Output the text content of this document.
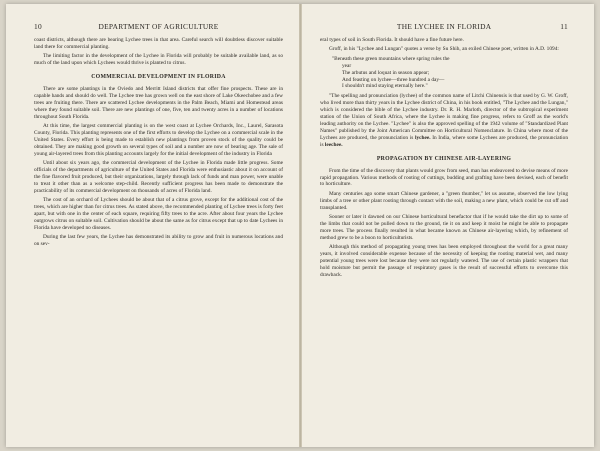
10	DEPARTMENT OF AGRICULTURE

coast districts, although there are bearing Lychee trees in that area. Careful search will doubtless discover suitable land there for commercial planting.

The limiting factor in the development of the Lychee in Florida will probably be suitable available land, as so much of the land upon which Lychees would thrive is planted to citrus.

COMMERCIAL DEVELOPMENT IN FLORIDA

There are some plantings in the Oviedo and Merritt Island districts that offer fine prospects. These are in capable hands and should do well. The Lychee tree has grown well on the east shore of Lake Okeechobee and a few trees are fruiting there. There are scattered Lychee developments in the Palm Beach, Miami and Homestead areas where they found suitable soil. There are new plantings of one, five, ten and twenty acres in a number of locations throughout South Florida.

At this time, the largest commercial planting is on the west coast at Lychee Orchards, Inc., Laurel, Sarasota County, Florida. This planting represents one of the first efforts to develop the Lychee on a commercial scale in the United States. Every effort is being made to establish new plantings from proven stock of the quality could be obtained. They are making good growth on several types of soil and a number are now of bearing age. The sale of young air-layered trees from this planting accounts largely for the initial development of the industry in Florida

Until about six years ago, the commercial development of the Lychee in Florida made little progress. Some officials of the departments of agriculture of the United States and Florida were enthusiastic about it on account of the fine flavored fruit produced, but their organizations, largely through lack of funds and man power, were unable to treat it other than as a welcome step-child. Recently sufficient progress has been made to demonstrate the practicability of its commercial development on thousands of acres of Florida land.

The cost of an orchard of Lychees should be about that of a citrus grove, except for the additional cost of the trees, which are higher than for citrus trees. As stated above, the recommended planting of Lychee trees is forty feet apart, but with one in the center of each square, requiring fifty trees to the acre. After about four years the Lychee outgrows citrus on suitable soil. Cultivation should be about the same as for citrus except that up to date Lychees in Florida have developed no diseases.

During the last few years, the Lychee has demonstrated its ability to grow and fruit in numerous locations and on sev-

THE LYCHEE IN FLORIDA	11

eral types of soil in South Florida. It should have a fine future here.

Groff, in his "Lychee and Lungan" quotes a verse by Su Shih, an exiled Chinese poet, written in A.D. 1094:

"Beneath these green mountains where spring rules the
year
The arbutus and loquat in season appear;
And feasting on lychee—three hundred a day—
I shouldn't mind staying eternally here."

"The spelling and pronunciation (lychee) of the common name of Litchi Chinensis is that used by G. W. Groff, who lived more than thirty years in the Lychee district of China, in his book entitled, "The Lychee and the Lungan," which is considered the bible of the Lychee industry. Dr. R. H. Marloth, director of the subtropical experiment station of the Union of South Africa, where the Lychee is making fine progress, refers to Groff as the world's leading authority on the Lychee. "Lychee" is also the approved spelling of the 1942 volume of "Standardized Plant Names" published by the Joint American Committee on Horticultural Nomenclature. In China where most of the Lychees are produced, the pronunciation is lychee. In India, where some Lychees are produced, the pronunciation is leechee.

PROPAGATION BY CHINESE AIR-LAYERING

From the time of the discovery that plants would grow from seed, man has endeavored to devise means of more rapid propagation. Various methods of rooting of cuttings, budding and grafting have been devised, each of benefit to horticulture.

Many centuries ago some smart Chinese gardener, a "green thumber," let us assume, observed the low lying limbs of a tree or other plant rooting through contact with the soil, making a new plant, which could be cut off and transplanted.

Sooner or later it dawned on our Chinese horticultural benefactor that if he would take the dirt up to some of the limbs that could not be pulled down to the ground, tie it on and keep it moist he might be able to propagate more trees. The process finally resulted in what became known as Chinese air-layering which, by refinement of method grew to be a boon to horticulturists.

Although this method of propagating young trees has been employed throughout the world for a great many years, it involved considerable expense because of the necessity of keeping the rooting material wet, and many potential young trees were lost because they were not regularly watered. The use of certain plastic wrappers that hold moisture but permit the passage of respiratory gases is the result of successful efforts to overcome this drawback.
